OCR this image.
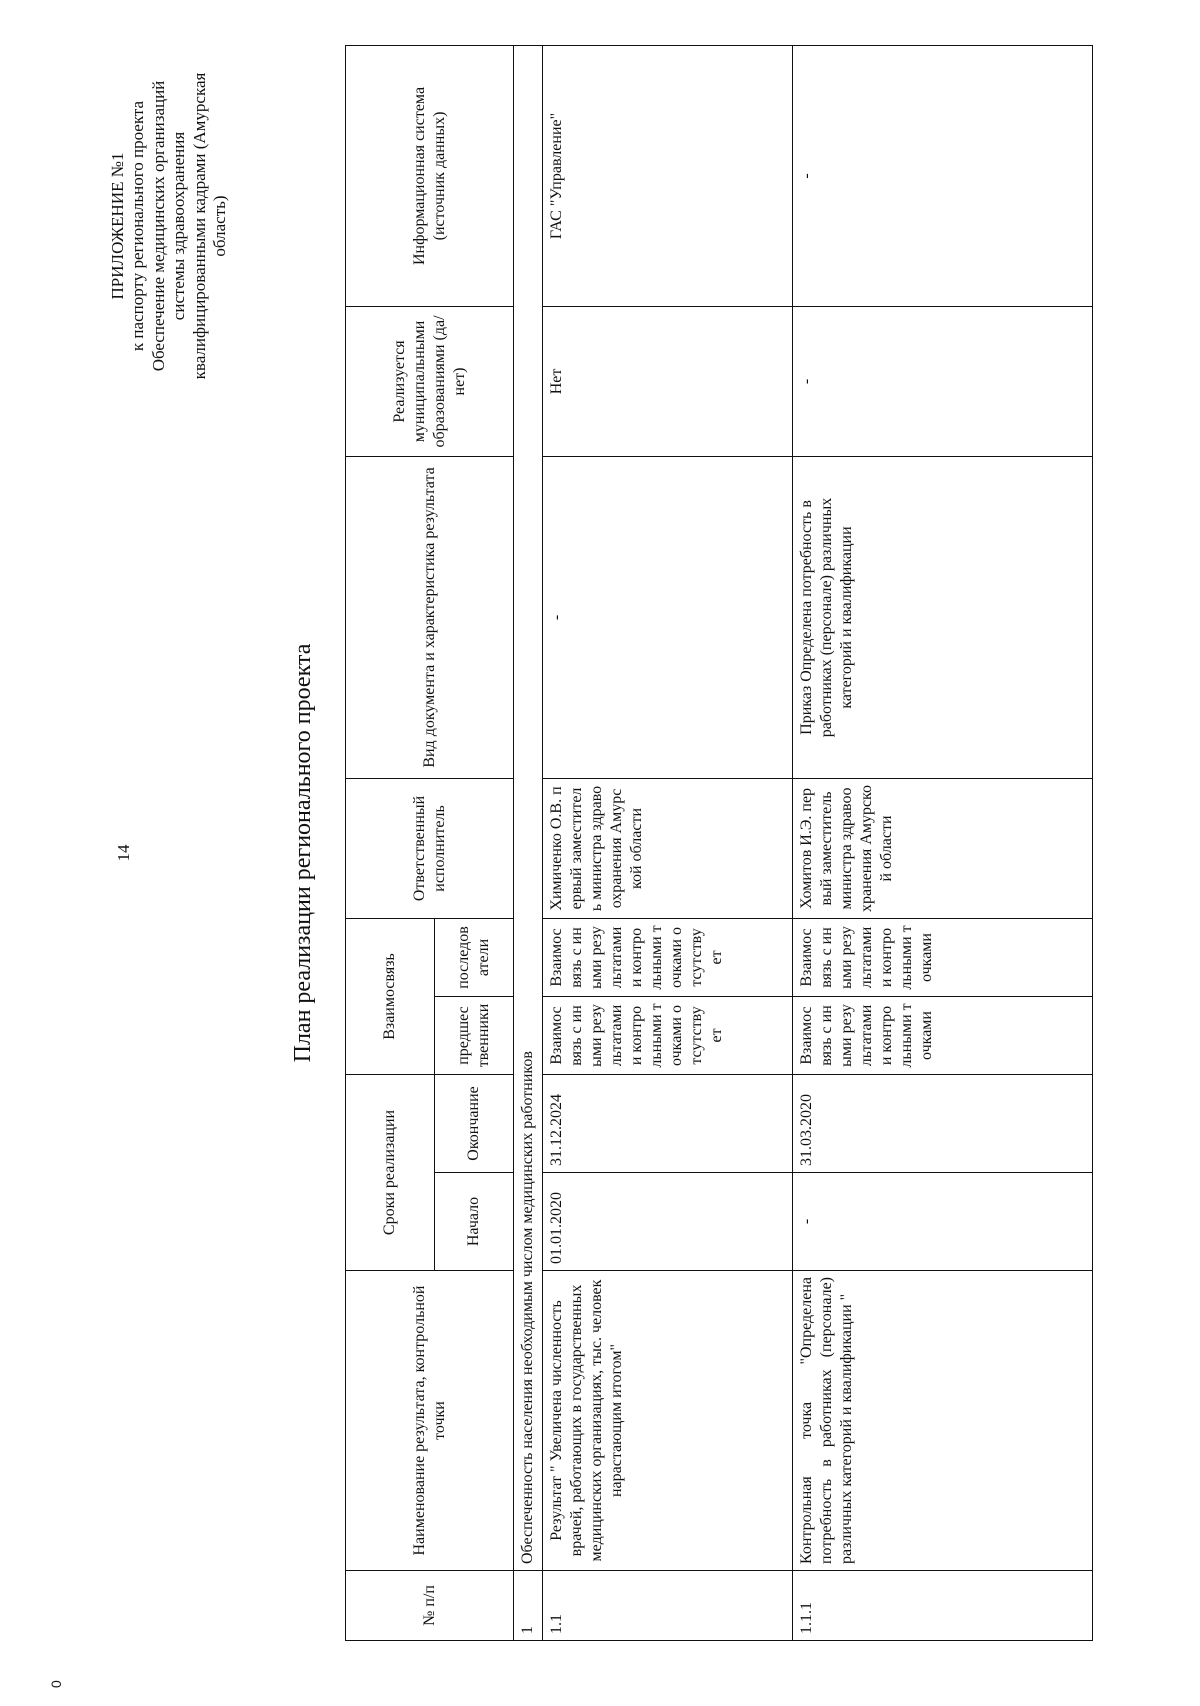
14
0
ПРИЛОЖЕНИЕ №1 к паспорту регионального проекта Обеспечение медицинских организаций системы здравоохранения квалифицированными кадрами (Амурская область)
План реализации регионального проекта
№ п/п	Наименование результата, контрольной точки	Сроки реализации		Взаимосвязь		Ответственный исполнитель	Вид документа и характеристика результата	Реализуется муниципальными образованиями (да/нет)	Информационная система (источник данных)
		Начало	Окончание	предшественники	последователи				
1	Обеспеченность населения необходимым числом медицинских работников								
1.1	Результат " Увеличена численность врачей, работающих в государственных медицинских организациях, тыс. человек нарастающим итогом"	01.01.2020	31.12.2024	Взаимосвязь с иными результатами и контрольными точками отсутствует	Взаимосвязь с иными результатами и контрольными точками отсутствует	Химиченко О.В. первый заместитель министра здравоохранения Амурской области	-	Нет	ГАС "Управление"
1.1.1	Контрольная точка "Определена потребность в работниках (персонале) различных категорий и квалификации "	-	31.03.2020	Взаимосвязь с иными результатами и контрольными точками	Взаимосвязь с иными результатами и контрольными точками	Хомитов И.Э. первый заместитель министра здравоохранения Амурской области	Приказ Определена потребность в работниках (персонале) различных категорий и квалификации	-	-
